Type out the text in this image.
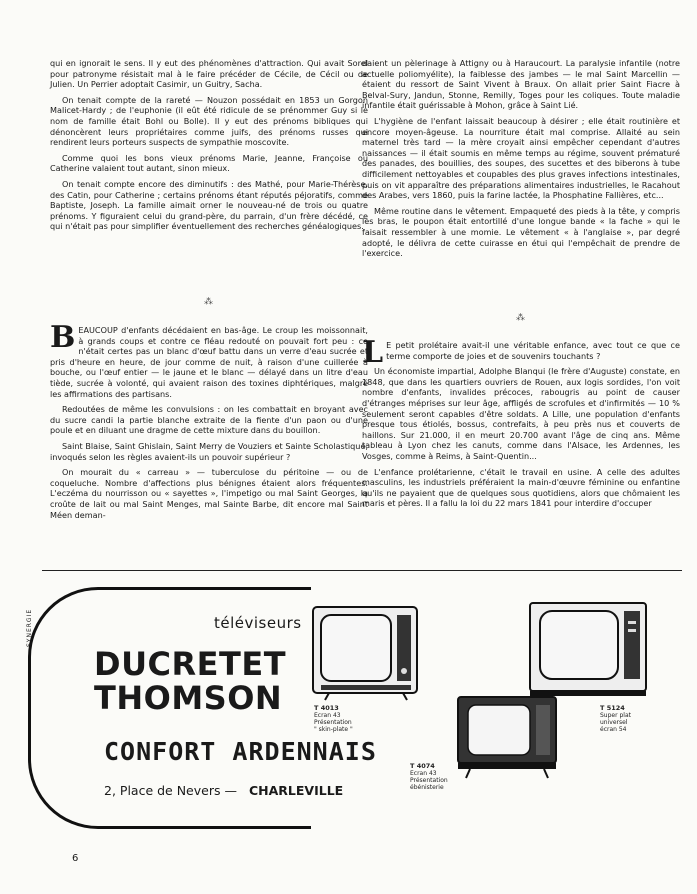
qui en ignorait le sens. Il y eut des phénomènes d'attraction. Qui avait Sorel pour patronyme résistait mal à le faire précéder de Cécile, de Cécil ou de Julien. Un Perrier adoptait Casimir, un Guitry, Sacha.

On tenait compte de la rareté — Nouzon possédait en 1853 un Gorgon Malicet-Hardy ; de l'euphonie (il eût été ridicule de se prénommer Guy si le nom de famille était Bohl ou Bolle). Il y eut des prénoms bibliques qui dénoncèrent leurs propriétaires comme juifs, des prénoms russes qui rendirent leurs porteurs suspects de sympathie moscovite.

Comme quoi les bons vieux prénoms Marie, Jeanne, Françoise ou Catherine valaient tout autant, sinon mieux.

On tenait compte encore des diminutifs : des Mathé, pour Marie-Thérèse, des Catin, pour Catherine ; certains prénoms étant réputés péjoratifs, comme Baptiste, Joseph. La famille aimait orner le nouveau-né de trois ou quatre prénoms. Y figuraient celui du grand-père, du parrain, d'un frère décédé, ce qui n'était pas pour simplifier éventuellement des recherches généalogiques.

daient un pèlerinage à Attigny ou à Haraucourt. La paralysie infantile (notre actuelle poliomyélite), la faiblesse des jambes — le mal Saint Marcellin — étaient du ressort de Saint Vivent à Braux. On allait prier Saint Fiacre à Belval-Sury, Jandun, Stonne, Remilly, Toges pour les coliques. Toute maladie infantile était guérissable à Mohon, grâce à Saint Lié.

L'hygiène de l'enfant laissait beaucoup à désirer ; elle était routinière et encore moyen-âgeuse. La nourriture était mal comprise. Allaité au sein maternel très tard — la mère croyait ainsi empêcher cependant d'autres naissances — il était soumis en même temps au régime, souvent prématuré des panades, des bouillies, des soupes, des sucettes et des biberons à tube difficilement nettoyables et coupables des plus graves infections intestinales, puis on vit apparaître des préparations alimentaires industrielles, le Racahout des Arabes, vers 1860, puis la farine lactée, la Phosphatine Fallières, etc...

Même routine dans le vêtement. Empaqueté des pieds à la tête, y compris les bras, le poupon était entortillé d'une longue bande « la fache » qui le faisait ressembler à une momie. Le vêtement « à l'anglaise », par degré adopté, le délivra de cette cuirasse en étui qui l'empêchait de prendre de l'exercice.

⁂
⁂

BEAUCOUP d'enfants décédaient en bas-âge. Le croup les moissonnait, à grands coups et contre ce fléau redouté on pouvait fort peu : ce n'était certes pas un blanc d'œuf battu dans un verre d'eau sucrée et pris d'heure en heure, de jour comme de nuit, à raison d'une cuillerée à bouche, ou l'œuf entier — le jaune et le blanc — délayé dans un litre d'eau tiède, sucrée à volonté, qui avaient raison des toxines diphtériques, malgré les affirmations des partisans.

Redoutées de même les convulsions : on les combattait en broyant avec du sucre candi la partie blanche extraite de la fiente d'un paon ou d'une poule et en diluant une dragme de cette mixture dans du bouillon.

Saint Blaise, Saint Ghislain, Saint Merry de Vouziers et Sainte Scholastique, invoqués selon les règles avaient-ils un pouvoir supérieur ?

On mourait du « carreau » — tuberculose du péritoine — ou de coqueluche. Nombre d'affections plus bénignes étaient alors fréquentes. L'eczéma du nourrisson ou « sayettes », l'impetigo ou mal Saint Georges, la croûte de lait ou mal Saint Menges, mal Sainte Barbe, dit encore mal Saint Méen deman-

L E petit prolétaire avait-il une véritable enfance, avec tout ce que ce terme comporte de joies et de souvenirs touchants ?

Un économiste impartial, Adolphe Blanqui (le frère d'Auguste) constate, en 1848, que dans les quartiers ouvriers de Rouen, aux logis sordides, l'on voit nombre d'enfants, invalides précoces, rabougris au point de causer d'étranges méprises sur leur âge, affligés de scrofules et d'infirmités — 10 % seulement seront capables d'être soldats. A Lille, une population d'enfants presque tous étiolés, bossus, contrefaits, à peu près nus et couverts de haillons. Sur 21.000, il en meurt 20.700 avant l'âge de cinq ans. Même tableau à Lyon chez les canuts, comme dans l'Alsace, les Ardennes, les Vosges, comme à Reims, à Saint-Quentin...

L'enfance prolétarienne, c'était le travail en usine. A celle des adultes masculins, les industriels préféraient la main-d'œuvre féminine ou enfantine qu'ils ne payaient que de quelques sous quotidiens, alors que chômaient les maris et pères. Il a fallu la loi du 22 mars 1841 pour interdire d'occuper

SYNERGIE	téléviseurs
DUCRETET
THOMSON
CONFORT ARDENNAIS
2, Place de Nevers — CHARLEVILLE
T 4013
Ecran 43
Présentation
" skin-plate "
T 4074
Ecran 43
Présentation
ébénisterie
T 5124
Super plat
universel
écran 54
6
